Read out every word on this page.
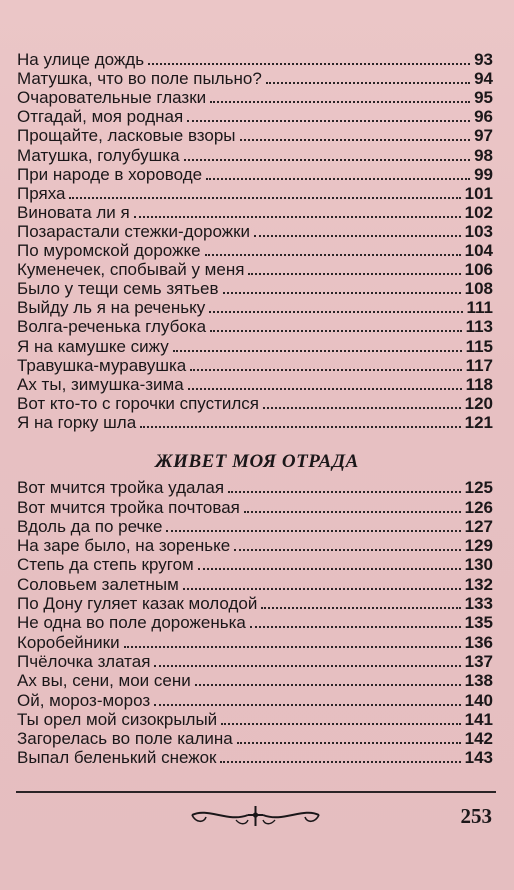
На улице дождь	93
Матушка, что во поле пыльно?	94
Очаровательные глазки	95
Отгадай, моя родная	96
Прощайте, ласковые взоры	97
Матушка, голубушка	98
При народе в хороводе	99
Пряха	101
Виновата ли я	102
Позарастали стежки-дорожки	103
По муромской дорожке	104
Куменечек, спобывай у меня	106
Было у тещи семь зятьев	108
Выйду ль я на реченьку	111
Волга-реченька глубока	113
Я на камушке сижу	115
Травушка-муравушка	117
Ах ты, зимушка-зима	118
Вот кто-то с горочки спустился	120
Я на горку шла	121
ЖИВЕТ МОЯ ОТРАДА
Вот мчится тройка удалая	125
Вот мчится тройка почтовая	126
Вдоль да по речке	127
На заре было, на зореньке	129
Степь да степь кругом	130
Соловьем залетным	132
По Дону гуляет казак молодой	133
Не одна во поле дороженька	135
Коробейники	136
Пчёлочка златая	137
Ах вы, сени, мои сени	138
Ой, мороз-мороз	140
Ты орел мой сизокрылый	141
Загорелась во поле калина	142
Выпал беленький снежок	143
253
